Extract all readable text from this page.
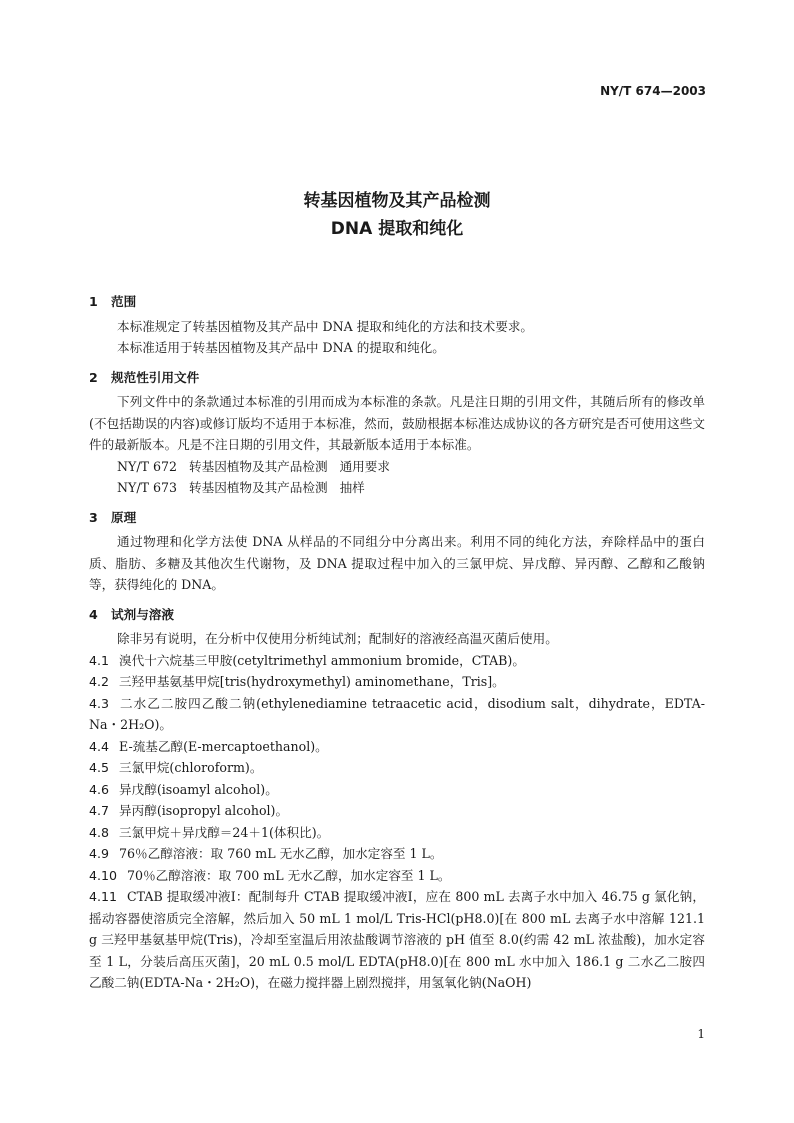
NY/T 674—2003
转基因植物及其产品检测
DNA 提取和纯化
1 范围

本标准规定了转基因植物及其产品中 DNA 提取和纯化的方法和技术要求。

本标准适用于转基因植物及其产品中 DNA 的提取和纯化。

2 规范性引用文件

下列文件中的条款通过本标准的引用而成为本标准的条款。凡是注日期的引用文件，其随后所有的修改单(不包括勘误的内容)或修订版均不适用于本标准，然而，鼓励根据本标准达成协议的各方研究是否可使用这些文件的最新版本。凡是不注日期的引用文件，其最新版本适用于本标准。

NY/T 672   转基因植物及其产品检测   通用要求

NY/T 673   转基因植物及其产品检测   抽样

3 原理

通过物理和化学方法使 DNA 从样品的不同组分中分离出来。利用不同的纯化方法，弃除样品中的蛋白质、脂肪、多糖及其他次生代谢物，及 DNA 提取过程中加入的三氯甲烷、异戊醇、异丙醇、乙醇和乙酸钠等，获得纯化的 DNA。

4 试剂与溶液

除非另有说明，在分析中仅使用分析纯试剂；配制好的溶液经高温灭菌后使用。

4.1 溴代十六烷基三甲胺(cetyltrimethyl ammonium bromide，CTAB)。

4.2 三羟甲基氨基甲烷[tris(hydroxymethyl) aminomethane，Tris]。

4.3 二水乙二胺四乙酸二钠(ethylenediamine tetraacetic acid，disodium salt，dihydrate，EDTA-Na・2H₂O)。

4.4 E-巯基乙醇(E-mercaptoethanol)。

4.5 三氯甲烷(chloroform)。

4.6 异戊醇(isoamyl alcohol)。

4.7 异丙醇(isopropyl alcohol)。

4.8 三氯甲烷＋异戊醇＝24＋1(体积比)。

4.9 76％乙醇溶液：取 760 mL 无水乙醇，加水定容至 1 L。

4.10 70％乙醇溶液：取 700 mL 无水乙醇，加水定容至 1 L。

4.11 CTAB 提取缓冲液Ⅰ：配制每升 CTAB 提取缓冲液Ⅰ，应在 800 mL 去离子水中加入 46.75 g 氯化钠，摇动容器使溶质完全溶解，然后加入 50 mL 1 mol/L Tris-HCl(pH8.0)[在 800 mL 去离子水中溶解 121.1 g 三羟甲基氨基甲烷(Tris)，冷却至室温后用浓盐酸调节溶液的 pH 值至 8.0(约需 42 mL 浓盐酸)，加水定容至 1 L，分装后高压灭菌]，20 mL 0.5 mol/L EDTA(pH8.0)[在 800 mL 水中加入 186.1 g 二水乙二胺四乙酸二钠(EDTA-Na・2H₂O)，在磁力搅拌器上剧烈搅拌，用氢氧化钠(NaOH)

1
